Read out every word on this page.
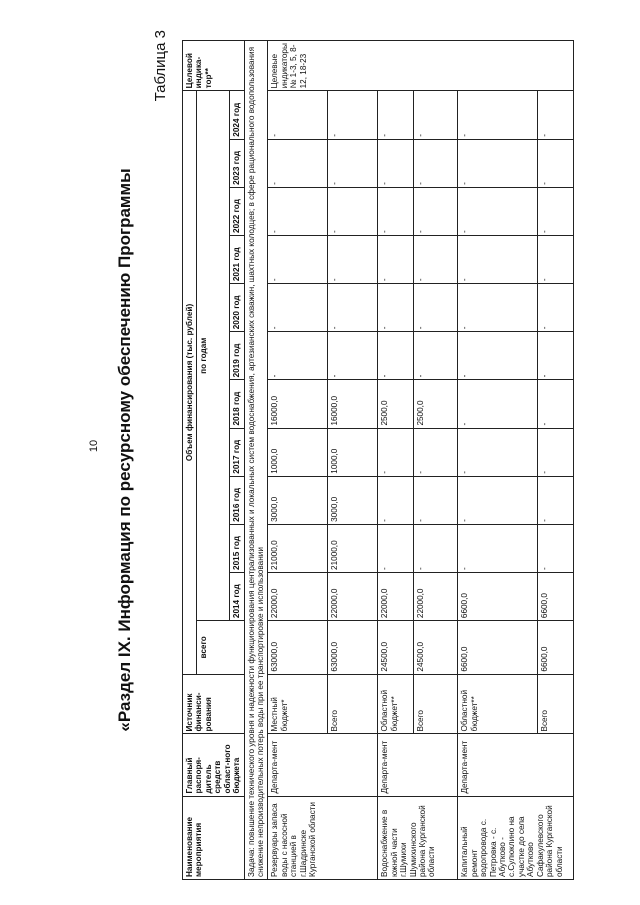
10 «Раздел IX. Информация по ресурсному обеспечению Программы
Таблица 3
Наименование мероприятия	Главный распоря-дитель средств област-ного бюджета	Источник финанси-рования	Объем финансирования (тыс. рублей)												Целевой индика-тор**
			всего	по годам											
				2014 год	2015 год	2016 год	2017 год	2018 год	2019 год	2020 год	2021 год	2022 год	2023 год	2024 год	
Задача: повышение технического уровня и надежности функционирования централизованных и локальных систем водоснабжения, артезианских скважин, шахтных колодцев; в сфере рационального водопользования снижение непроизводительных потерь воды при ее транспортировке и использовании															
Резервуары запаса воды с насосной станцией в г.Шадринске Курганской области	Департа-мент	Местный бюджет*	63000,0	22000,0	21000,0	3000,0	1000,0	16000,0	-	-	-	-	-	-	Целевые индикаторы № 1-3, 5, 8-12, 18-23
		Всего	63000,0	22000,0	21000,0	3000,0	1000,0	16000,0	-	-	-	-	-	-	
Водоснабжение в южной части г.Шумихи Шумихинского района Курганской области	Департа-мент	Областной бюджет**	24500,0	22000,0	-	-	-	2500,0	-	-	-	-	-	-	
		Всего	24500,0	22000,0	-	-	-	2500,0	-	-	-	-	-	-	
Капитальный ремонт водопровода с. Петровка - с. Абутково - с.Сулюклино на участке до села Абутково Сафакулевского района Курганской области	Департа-мент	Областной бюджет**	6600,0	6600,0	-	-	-	-	-	-	-	-	-	-	
		Всего	6600,0	6600,0	-	-	-	-	-	-	-	-	-	-	
